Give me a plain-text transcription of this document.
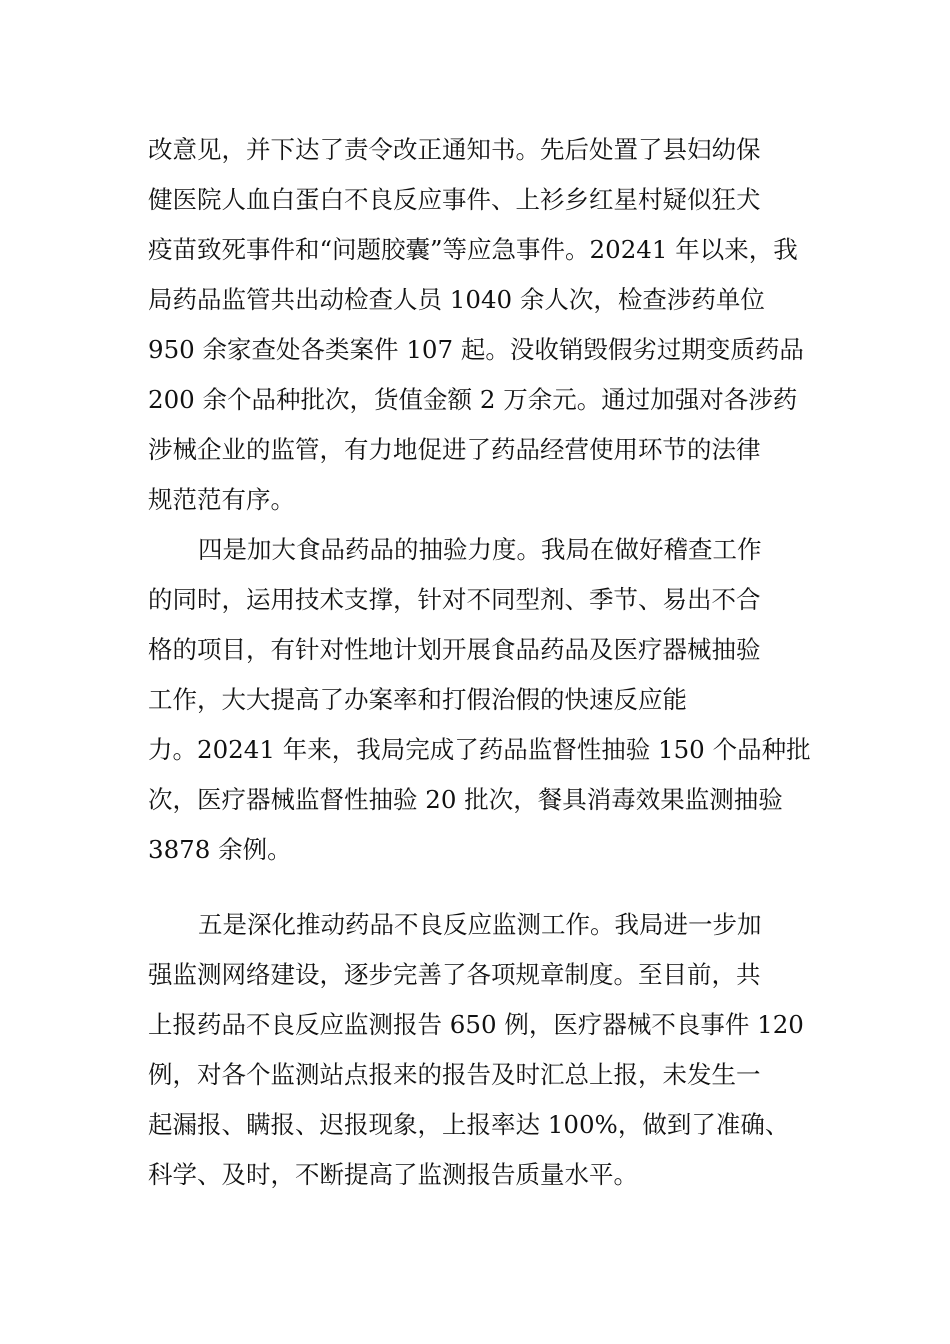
改意见，并下达了责令改正通知书。先后处置了县妇幼保
健医院人血白蛋白不良反应事件、上衫乡红星村疑似狂犬
疫苗致死事件和“问题胶囊”等应急事件。20241 年以来，我
局药品监管共出动检查人员 1040 余人次，检查涉药单位
950 余家查处各类案件 107 起。没收销毁假劣过期变质药品
200 余个品种批次，货值金额 2 万余元。通过加强对各涉药
涉械企业的监管，有力地促进了药品经营使用环节的法律
规范范有序。
四是加大食品药品的抽验力度。我局在做好稽查工作
的同时，运用技术支撑，针对不同型剂、季节、易出不合
格的项目，有针对性地计划开展食品药品及医疗器械抽验
工作，大大提高了办案率和打假治假的快速反应能
力。20241 年来，我局完成了药品监督性抽验 150 个品种批
次，医疗器械监督性抽验 20 批次，餐具消毒效果监测抽验
3878 余例。
五是深化推动药品不良反应监测工作。我局进一步加
强监测网络建设，逐步完善了各项规章制度。至目前，共
上报药品不良反应监测报告 650 例，医疗器械不良事件 120
例，对各个监测站点报来的报告及时汇总上报，未发生一
起漏报、瞒报、迟报现象，上报率达 100%，做到了准确、
科学、及时，不断提高了监测报告质量水平。
